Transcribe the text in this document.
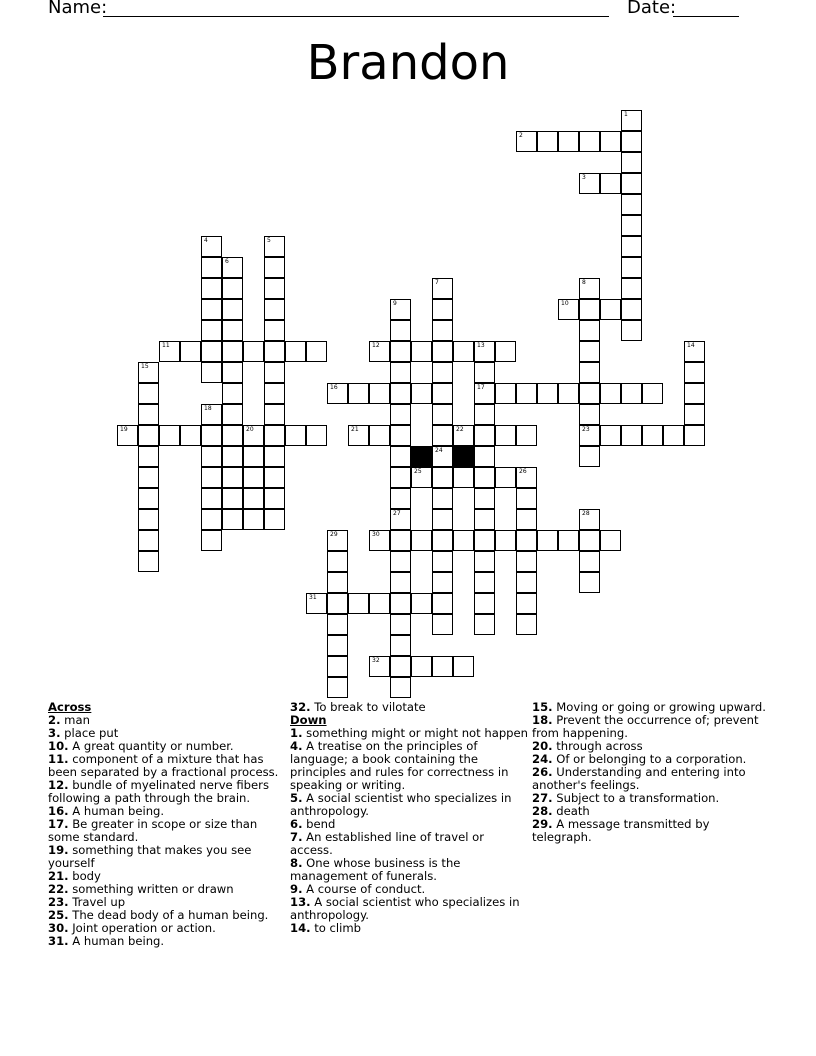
Name:	Date:
Brandon
2
3
10
11	12	13
16	17
19	20	21	22	23
25	26
30
31
32
1
4	5
6
7
24
8
9
27
14
15
18
28
29
Across
2. man
3. place put
10. A great quantity or number.
11. component of a mixture that has been separated by a fractional process.
12. bundle of myelinated nerve fibers following a path through the brain.
16. A human being.
17. Be greater in scope or size than some standard.
19. something that makes you see yourself
21. body
22. something written or drawn
23. Travel up
25. The dead body of a human being.
30. Joint operation or action.
31. A human being.
32. To break to vilotate
Down
1. something might or might not happen
4. A treatise on the principles of language; a book containing the principles and rules for correctness in speaking or writing.
5. A social scientist who specializes in anthropology.
6. bend
7. An established line of travel or access.
8. One whose business is the management of funerals.
9. A course of conduct.
13. A social scientist who specializes in anthropology.
14. to climb
15. Moving or going or growing upward.
18. Prevent the occurrence of; prevent from happening.
20. through across
24. Of or belonging to a corporation.
26. Understanding and entering into another's feelings.
27. Subject to a transformation.
28. death
29. A message transmitted by telegraph.
